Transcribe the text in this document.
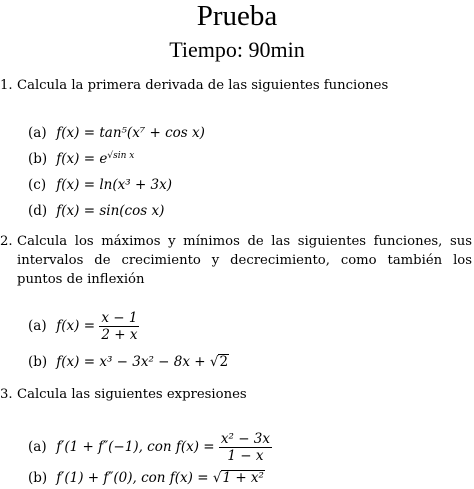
Prueba
Tiempo: 90min
1. Calcula la primera derivada de las siguientes funciones
(a) f(x) = tan⁵(x⁷ + cos x)
(b) $f(x) = e^{√sin x}$
(c) f(x) = ln(x³ + 3x)
(d) f(x) = sin(cos x)
2. Calcula los máximos y mínimos de las siguientes funciones, sus intervalos de crecimiento y decrecimiento, como también los puntos de inflexión
(a) $f(x) = \frac{x - 1}{2 + x}$
(b) f(x) = x³ − 3x² − 8x + √2
3. Calcula las siguientes expresiones
(a) f′(1 + f″(−1), con $f(x) = \frac{\text{x² − 3x}}{1 - x}$
(b) f′(1) + f″(0), con f(x) = √1 + x²
